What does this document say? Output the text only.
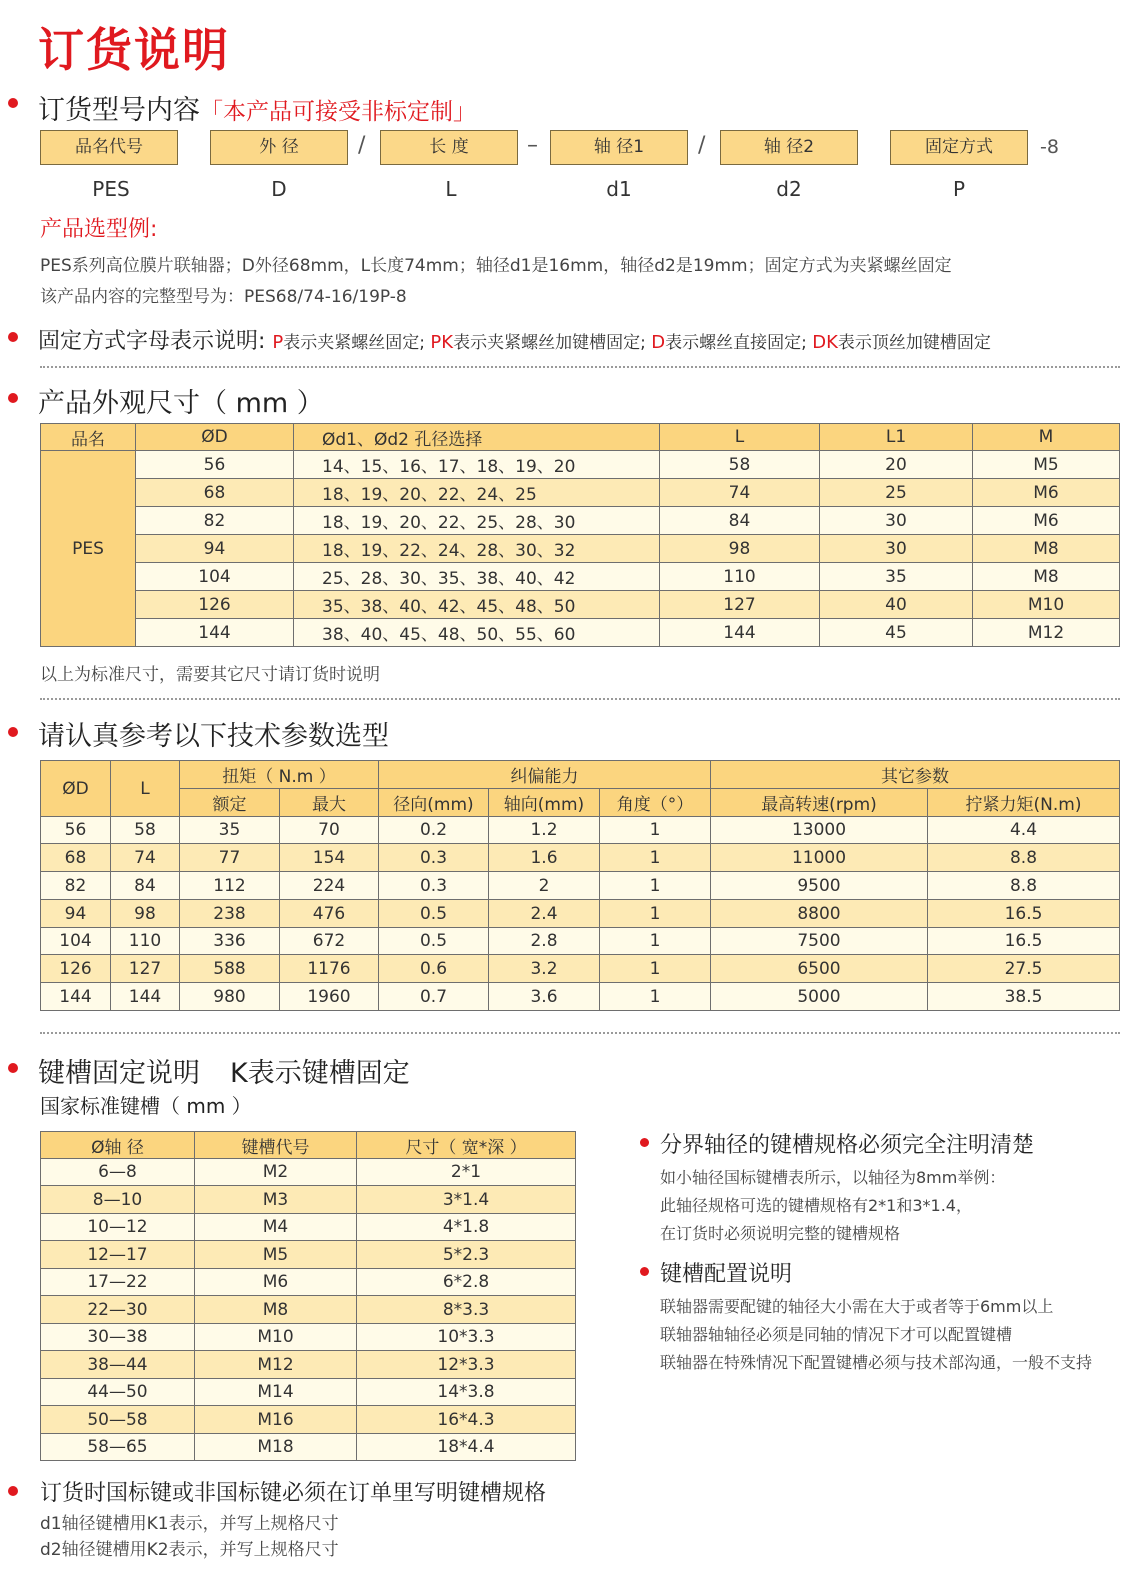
订货说明
订货型号内容「本产品可接受非标定制」
品名代号	外 径	长 度	轴 径1	轴 径2	固定方式
/	–	/	-8
PES	D	L	d1	d2	P
产品选型例:
PES系列高位膜片联轴器；D外径68mm，L长度74mm；轴径d1是16mm，轴径d2是19mm；固定方式为夹紧螺丝固定
该产品内容的完整型号为：PES68/74-16/19P-8
固定方式字母表示说明: P表示夹紧螺丝固定; PK表示夹紧螺丝加键槽固定; D表示螺丝直接固定; DK表示顶丝加键槽固定
产品外观尺寸（ mm ）
品名	ØD	Ød1、Ød2 孔径选择	L	L1	M
PES	56	14、15、16、17、18、19、20	58	20	M5
	68	18、19、20、22、24、25	74	25	M6
	82	18、19、20、22、25、28、30	84	30	M6
	94	18、19、22、24、28、30、32	98	30	M8
	104	25、28、30、35、38、40、42	110	35	M8
	126	35、38、40、42、45、48、50	127	40	M10
	144	38、40、45、48、50、55、60	144	45	M12
以上为标准尺寸，需要其它尺寸请订货时说明
请认真参考以下技术参数选型
ØD	L	扭矩（ N.m ）		纠偏能力			其它参数	
		额定	最大	径向(mm)	轴向(mm)	角度（°）	最高转速(rpm)	拧紧力矩(N.m)
56	58	35	70	0.2	1.2	1	13000	4.4
68	74	77	154	0.3	1.6	1	11000	8.8
82	84	112	224	0.3	2	1	9500	8.8
94	98	238	476	0.5	2.4	1	8800	16.5
104	110	336	672	0.5	2.8	1	7500	16.5
126	127	588	1176	0.6	3.2	1	6500	27.5
144	144	980	1960	0.7	3.6	1	5000	38.5
键槽固定说明 K表示键槽固定
国家标准键槽（ mm ）
Ø轴 径	键槽代号	尺寸（ 宽*深 ）
6—8	M2	2*1
8—10	M3	3*1.4
10—12	M4	4*1.8
12—17	M5	5*2.3
17—22	M6	6*2.8
22—30	M8	8*3.3
30—38	M10	10*3.3
38—44	M12	12*3.3
44—50	M14	14*3.8
50—58	M16	16*4.3
58—65	M18	18*4.4
分界轴径的键槽规格必须完全注明清楚
如小轴径国标键槽表所示，以轴径为8mm举例：
此轴径规格可选的键槽规格有2*1和3*1.4，
在订货时必须说明完整的键槽规格
键槽配置说明
联轴器需要配键的轴径大小需在大于或者等于6mm以上
联轴器轴轴径必须是同轴的情况下才可以配置键槽
联轴器在特殊情况下配置键槽必须与技术部沟通，一般不支持
订货时国标键或非国标键必须在订单里写明键槽规格
d1轴径键槽用K1表示，并写上规格尺寸
d2轴径键槽用K2表示，并写上规格尺寸
